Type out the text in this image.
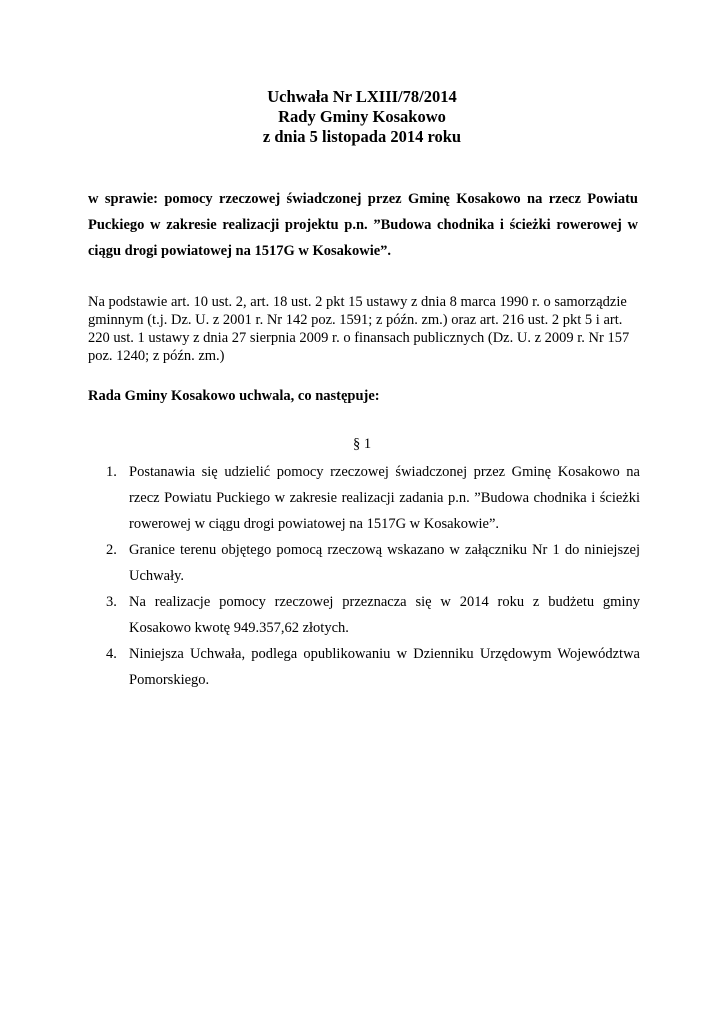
Uchwała Nr LXIII/78/2014
Rady Gminy Kosakowo
z dnia 5 listopada 2014 roku
w sprawie: pomocy rzeczowej świadczonej przez Gminę Kosakowo na rzecz Powiatu Puckiego w zakresie realizacji projektu p.n. ”Budowa chodnika i ścieżki rowerowej w ciągu drogi powiatowej na 1517G w Kosakowie”.
Na podstawie art. 10 ust. 2, art. 18 ust. 2 pkt 15 ustawy z dnia 8 marca 1990 r. o samorządzie
gminnym (t.j. Dz. U. z 2001 r. Nr 142 poz. 1591; z późn. zm.) oraz art. 216 ust. 2 pkt 5 i art.
220 ust. 1 ustawy z dnia 27 sierpnia 2009 r. o finansach publicznych (Dz. U. z 2009 r. Nr 157
poz. 1240; z późn. zm.)
Rada Gminy Kosakowo uchwala, co następuje:
§ 1
1. Postanawia się udzielić pomocy rzeczowej świadczonej przez Gminę Kosakowo na rzecz Powiatu Puckiego w zakresie realizacji zadania p.n. ”Budowa chodnika i ścieżki rowerowej w ciągu drogi powiatowej na 1517G w Kosakowie”.
2. Granice terenu objętego pomocą rzeczową wskazano w załączniku Nr 1 do niniejszej Uchwały.
3. Na realizacje pomocy rzeczowej przeznacza się w 2014 roku z budżetu gminy Kosakowo kwotę 949.357,62 złotych.
4. Niniejsza Uchwała, podlega opublikowaniu w Dzienniku Urzędowym Województwa Pomorskiego.
